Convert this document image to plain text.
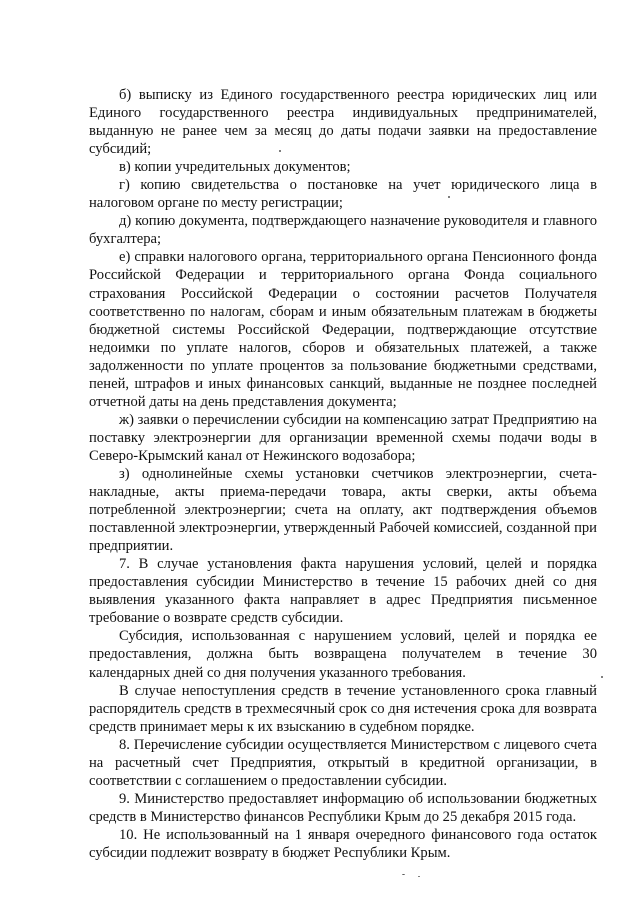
б) выписку из Единого государственного реестра юридических лиц или Единого государственного реестра индивидуальных предпринимателей, выданную не ранее чем за месяц до даты подачи заявки на предоставление субсидий;

в) копии учредительных документов;

г) копию свидетельства о постановке на учет юридического лица в налоговом органе по месту регистрации;

д) копию документа, подтверждающего назначение руководителя и главного бухгалтера;

е) справки налогового органа, территориального органа Пенсионного фонда Российской Федерации и территориального органа Фонда социального страхования Российской Федерации о состоянии расчетов Получателя соответственно по налогам, сборам и иным обязательным платежам в бюджеты бюджетной системы Российской Федерации, подтверждающие отсутствие недоимки по уплате налогов, сборов и обязательных платежей, а также задолженности по уплате процентов за пользование бюджетными средствами, пеней, штрафов и иных финансовых санкций, выданные не позднее последней отчетной даты на день представления документа;

ж) заявки о перечислении субсидии на компенсацию затрат Предприятию на поставку электроэнергии для организации временной схемы подачи воды в Северо-Крымский канал от Нежинского водозабора;

з) однолинейные схемы установки счетчиков электроэнергии, счета-накладные, акты приема-передачи товара, акты сверки, акты объема потребленной электроэнергии; счета на оплату, акт подтверждения объемов поставленной электроэнергии, утвержденный Рабочей комиссией, созданной при предприятии.

7. В случае установления факта нарушения условий, целей и порядка предоставления субсидии Министерство в течение 15 рабочих дней со дня выявления указанного факта направляет в адрес Предприятия письменное требование о возврате средств субсидии.

Субсидия, использованная с нарушением условий, целей и порядка ее предоставления, должна быть возвращена получателем в течение 30 календарных дней со дня получения указанного требования.

В случае непоступления средств в течение установленного срока главный распорядитель средств в трехмесячный срок со дня истечения срока для возврата средств принимает меры к их взысканию в судебном порядке.

8. Перечисление субсидии осуществляется Министерством с лицевого счета на расчетный счет Предприятия, открытый в кредитной организации, в соответствии с соглашением о предоставлении субсидии.

9. Министерство предоставляет информацию об использовании бюджетных средств в Министерство финансов Республики Крым до 25 декабря 2015 года.

10. Не использованный на 1 января очередного финансового года остаток субсидии подлежит возврату в бюджет Республики Крым.
